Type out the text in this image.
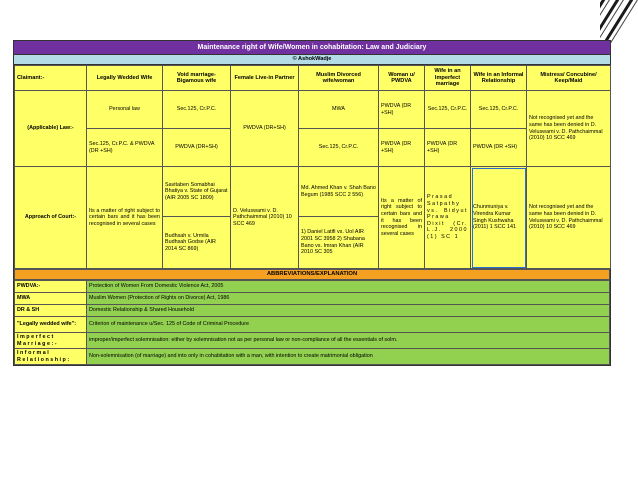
Maintenance right of Wife/Women in cohabitation: Law and Judiciary
© AshokWadje
Claimant:-	Legally Wedded Wife	Void marriage-Bigamous wife	Female Live-in Partner	Muslim Divorced wife/woman	Woman u/ PWDVA	Wife in an Imperfect marriage	Wife in an Informal Relationship	Mistress/ Concubine/ Keep/Maid
(Applicable) Law:-	Personal law	Sec.125, Cr.P.C.	PWDVA (DR+SH)	MWA	PWDVA (DR +SH)	Sec.125, Cr.P.C.	Sec.125, Cr.P.C.	Not recognised yet and the same has been denied in D. Veluswami v. D. Pathchaimmal (2010) 10 SCC 469
	Sec.125, Cr.P.C. & PWDVA (DR +SH)	PWDVA (DR+SH)		Sec.125, Cr.P.C.	PWDVA (DR +SH)	PWDVA (DR +SH)	PWDVA (DR +SH)	
Approach of Court:-	Its a matter of right subject to certain bars and it has been recognised in several cases	Savitaben Somabhai Bhatiya v. State of Gujarat (AIR 2005 SC 1809)	D. Veluswami v. D. Pathchaimmal (2010) 10 SCC 469	Md. Ahmed Khan v. Shah Bano Begum (1985 SCC 2 556)	Its a matter of right subject to certain bars and it has been recognised in several cases	Prasad Satpathy vs. Bidyut Prawa Dixit (Cr. L.J. 2000 (1) SC 1	Chunmuniya v. Virendra Kumar Singh Kushwaha (2011) 1 SCC 141	Not recognised yet and the same has been denied in D. Veluswami v. D. Pathchaimmal (2010) 10 SCC 469
		Budhsah v. Urmila Budhsah Godse (AIR 2014 SC 869)		1) Daniel Latifi vs. UoI AIR 2001 SC 3958 2) Shabana Bano vs. Imran Khan (AIR 2010 SC 305				
ABBREVIATIONS/EXPLANATION
PWDVA:-	Protection of Women From Domestic Violence Act, 2005
MWA	Muslim Women (Protection of Rights on Divorce) Act, 1986
DR & SH	Domestic Relationship & Shared Household
"Legally wedded wife":	Criterion of maintenance u/Sec. 125 of Code of Criminal Procedure
Imperfect Marriage:-	improper/imperfect solemnisation: either by solemnisation not as per personal law or non-compliance of all the essentials of solm.
Informal Relationship:	Non-solemnisation (of marriage) and into only in cohabitation with a man, with intention to create matrimonial obligation
